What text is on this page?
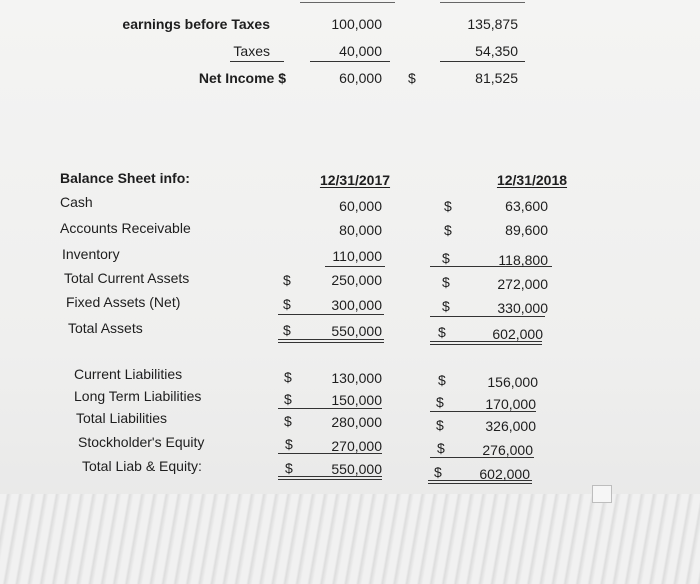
earnings before Taxes	100,000	135,875
Taxes	40,000	54,350
Net Income $	60,000 $	81,525
Balance Sheet info:	12/31/2017	12/31/2018
Cash	60,000	$	63,600
Accounts Receivable	80,000	$	89,600
Inventory	110,000	$	118,800
Total Current Assets	$	250,000	$	272,000
Fixed Assets (Net)	$	300,000	$	330,000
Total Assets	$	550,000	$	602,000
Current Liabilities	$	130,000	$	156,000
Long Term Liabilities	$	150,000	$	170,000
Total Liabilities	$	280,000	$	326,000
Stockholder's Equity	$	270,000	$	276,000
Total Liab & Equity:	$	550,000	$	602,000
